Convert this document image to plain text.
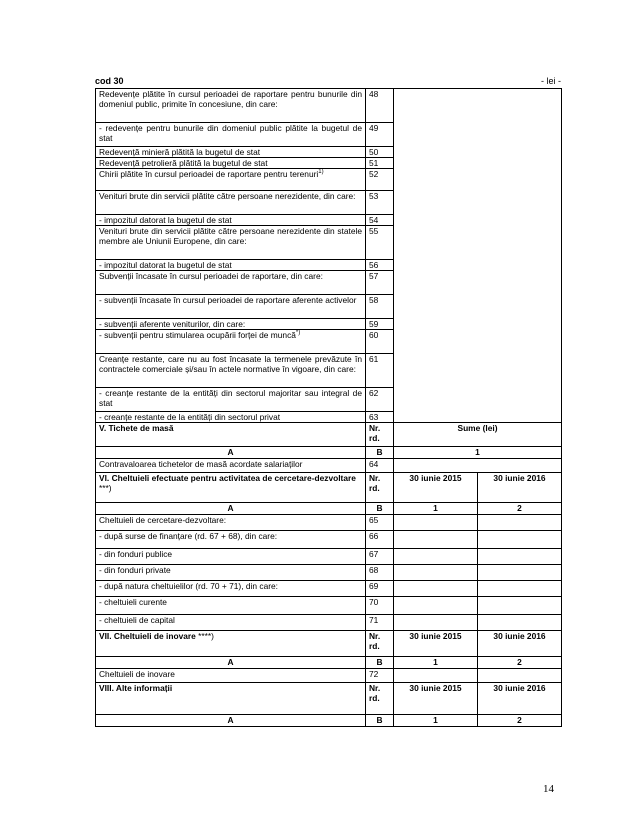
cod 30	- lei -
Redevențe plătite în cursul perioadei de raportare pentru bunurile din domeniul public, primite în concesiune, din care:	48		
- redevențe pentru bunurile din domeniul public plătite la bugetul de stat	49		
Redevență minieră plătită la bugetul de stat	50		
Redevență petrolieră plătită la bugetul de stat	51		
Chirii plătite în cursul perioadei de raportare pentru terenuri$^{1)}$	52		
Venituri brute din servicii plătite către persoane nerezidente, din care:	53		
- impozitul datorat la bugetul de stat	54		
Venituri brute din servicii plătite către persoane nerezidente din statele membre ale Uniunii Europene, din care:	55		
- impozitul datorat la bugetul de stat	56		
Subvenții încasate în cursul perioadei de raportare, din care:	57		
- subvenții încasate în cursul perioadei de raportare aferente activelor	58		
- subvenții aferente veniturilor, din care:	59		
- subvenții pentru stimularea ocupării forței de muncă*)	60		
Creanțe restante, care nu au fost încasate la termenele prevăzute în contractele comerciale și/sau în actele normative în vigoare, din care:	61		
- creanțe restante de la entități din sectorul majoritar sau integral de stat	62		
- creanțe restante de la entități din sectorul privat	63		
V. Tichete de masă	Nr. rd.	Sume (lei)	
A	B	1	
Contravaloarea tichetelor de masă acordate salariaților	64		
VI. Cheltuieli efectuate pentru activitatea de cercetare-dezvoltare ***)	Nr. rd.	30 iunie 2015	30 iunie 2016
A	B	1	2
Cheltuieli de cercetare-dezvoltare:	65		
- după surse de finanțare (rd. 67 + 68), din care:	66		
- din fonduri publice	67		
- din fonduri private	68		
- după natura cheltuielilor (rd. 70 + 71), din care:	69		
- cheltuieli curente	70		
- cheltuieli de capital	71		
VII. Cheltuieli de inovare ****)	Nr. rd.	30 iunie 2015	30 iunie 2016
A	B	1	2
Cheltuieli de inovare	72		
VIII. Alte informații	Nr. rd.	30 iunie 2015	30 iunie 2016
A	B	1	2
14
